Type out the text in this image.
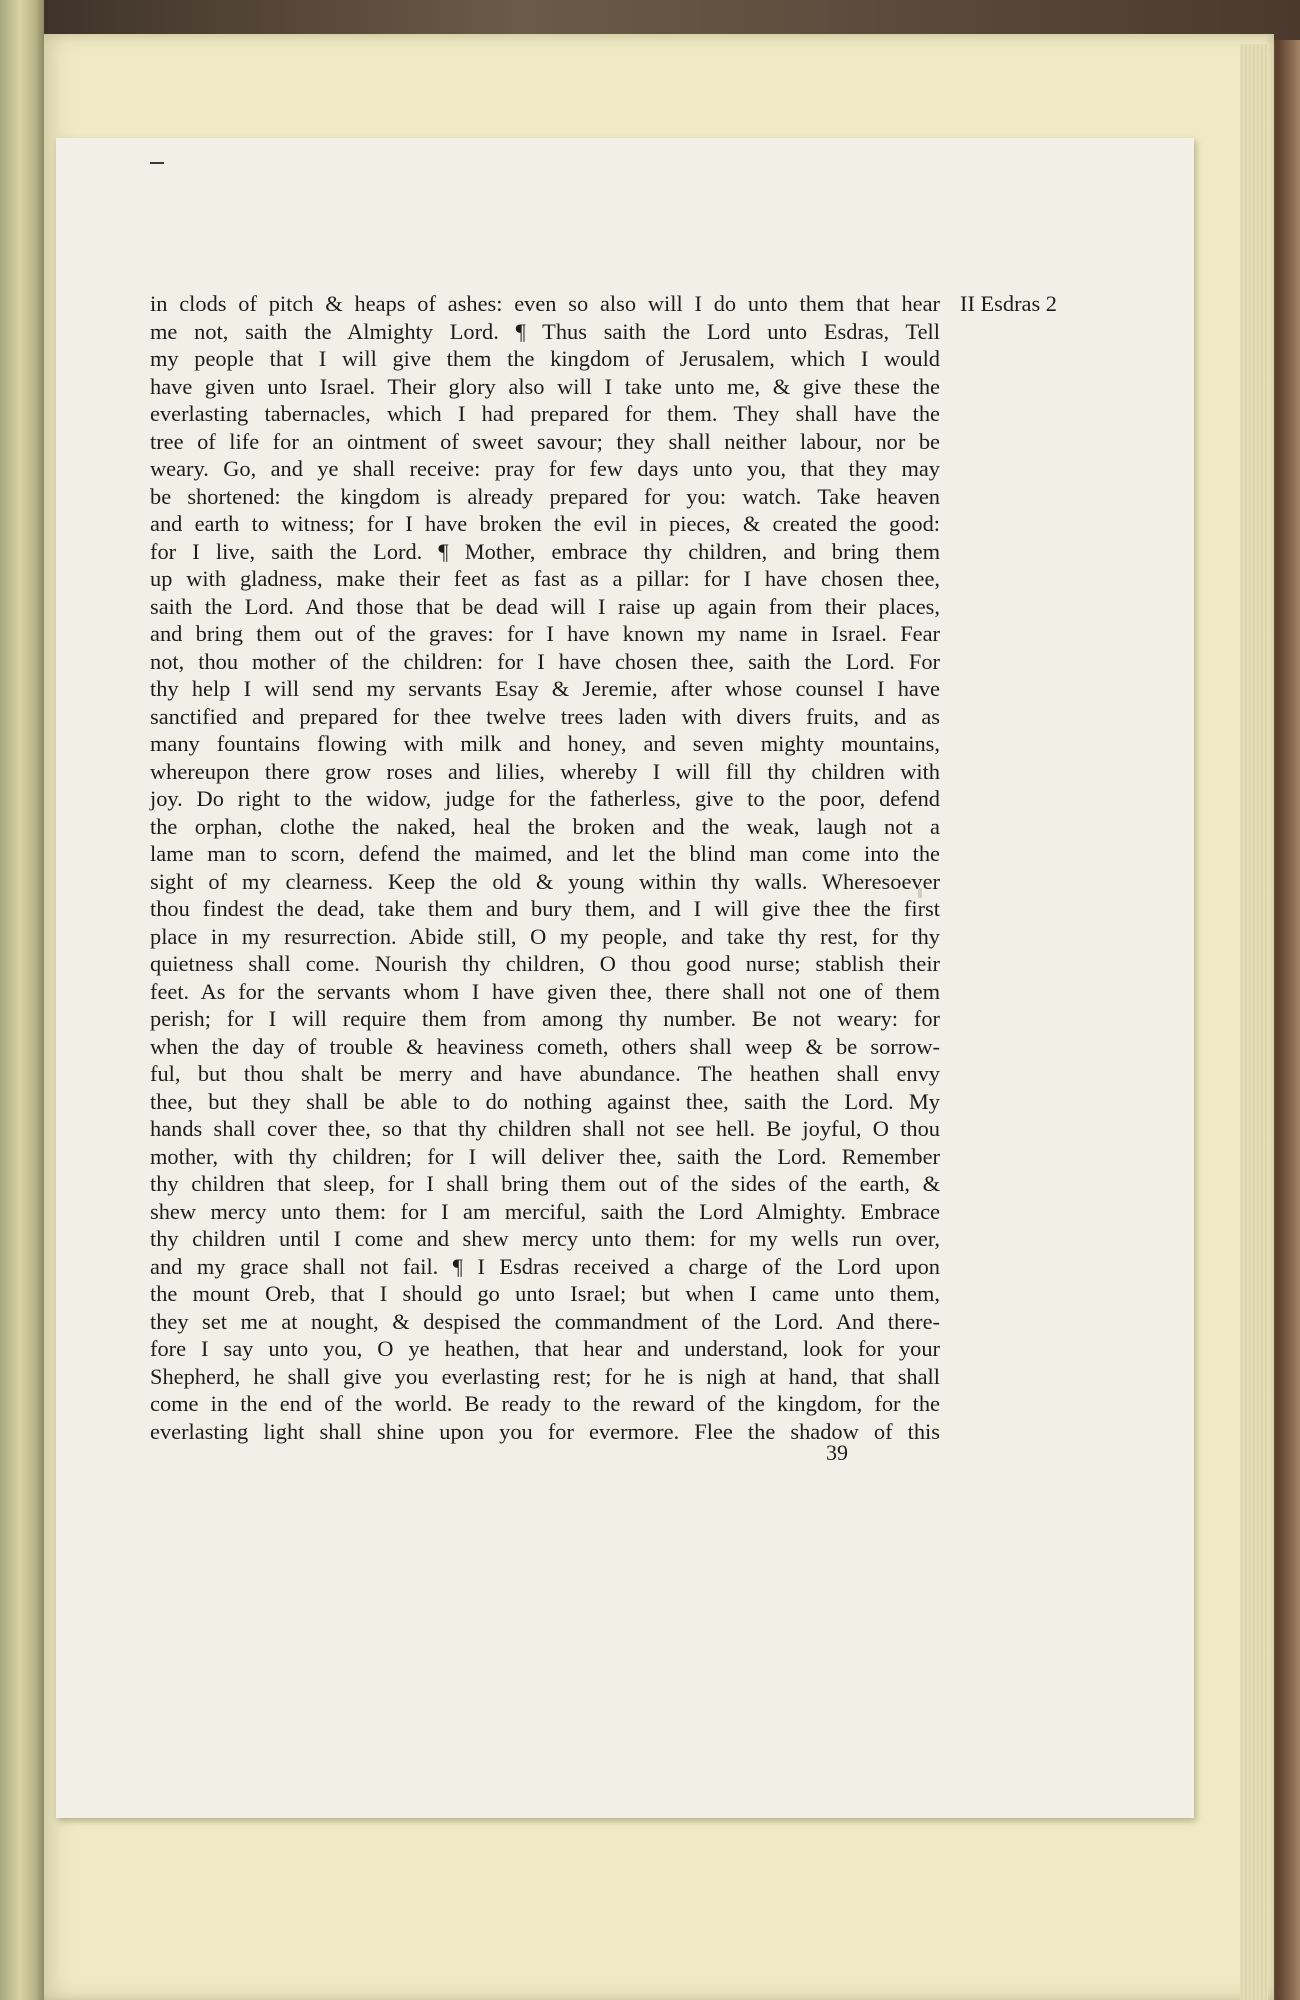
in clods of pitch & heaps of ashes: even so also will I do unto them that hear
me not, saith the Almighty Lord. ¶ Thus saith the Lord unto Esdras, Tell
my people that I will give them the kingdom of Jerusalem, which I would
have given unto Israel. Their glory also will I take unto me, & give these the
everlasting tabernacles, which I had prepared for them. They shall have the
tree of life for an ointment of sweet savour; they shall neither labour, nor be
weary. Go, and ye shall receive: pray for few days unto you, that they may
be shortened: the kingdom is already prepared for you: watch. Take heaven
and earth to witness; for I have broken the evil in pieces, & created the good:
for I live, saith the Lord. ¶ Mother, embrace thy children, and bring them
up with gladness, make their feet as fast as a pillar: for I have chosen thee,
saith the Lord. And those that be dead will I raise up again from their places,
and bring them out of the graves: for I have known my name in Israel. Fear
not, thou mother of the children: for I have chosen thee, saith the Lord. For
thy help I will send my servants Esay & Jeremie, after whose counsel I have
sanctified and prepared for thee twelve trees laden with divers fruits, and as
many fountains flowing with milk and honey, and seven mighty mountains,
whereupon there grow roses and lilies, whereby I will fill thy children with
joy. Do right to the widow, judge for the fatherless, give to the poor, defend
the orphan, clothe the naked, heal the broken and the weak, laugh not a
lame man to scorn, defend the maimed, and let the blind man come into the
sight of my clearness. Keep the old & young within thy walls. Wheresoever
thou findest the dead, take them and bury them, and I will give thee the first
place in my resurrection. Abide still, O my people, and take thy rest, for thy
quietness shall come. Nourish thy children, O thou good nurse; stablish their
feet. As for the servants whom I have given thee, there shall not one of them
perish; for I will require them from among thy number. Be not weary: for
when the day of trouble & heaviness cometh, others shall weep & be sorrow-
ful, but thou shalt be merry and have abundance. The heathen shall envy
thee, but they shall be able to do nothing against thee, saith the Lord. My
hands shall cover thee, so that thy children shall not see hell. Be joyful, O thou
mother, with thy children; for I will deliver thee, saith the Lord. Remember
thy children that sleep, for I shall bring them out of the sides of the earth, &
shew mercy unto them: for I am merciful, saith the Lord Almighty. Embrace
thy children until I come and shew mercy unto them: for my wells run over,
and my grace shall not fail. ¶ I Esdras received a charge of the Lord upon
the mount Oreb, that I should go unto Israel; but when I came unto them,
they set me at nought, & despised the commandment of the Lord. And there-
fore I say unto you, O ye heathen, that hear and understand, look for your
Shepherd, he shall give you everlasting rest; for he is nigh at hand, that shall
come in the end of the world. Be ready to the reward of the kingdom, for the
everlasting light shall shine upon you for evermore. Flee the shadow of this
II Esdras 2
39
